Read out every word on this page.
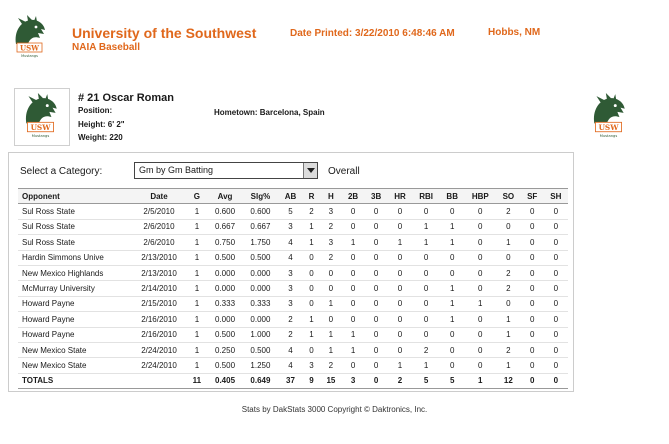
USW
Mustangs
University of the Southwest
NAIA Baseball
Date Printed: 3/22/2010 6:48:46 AM	Hobbs, NM
USW
Mustangs
# 21 Oscar Roman
Position:
Height: 6' 2"
Weight: 220
Hometown: Barcelona, Spain
USW
Mustangs
Select a Category:	Gm by Gm Batting	Overall
Opponent	Date	G	Avg	Slg%	AB	R	H	2B	3B	HR	RBI	BB	HBP	SO	SF	SH
Sul Ross State	2/5/2010	1	0.600	0.600	5	2	3	0	0	0	0	0	0	2	0	0
Sul Ross State	2/6/2010	1	0.667	0.667	3	1	2	0	0	0	1	1	0	0	0	0
Sul Ross State	2/6/2010	1	0.750	1.750	4	1	3	1	0	1	1	1	0	1	0	0
Hardin Simmons Unive	2/13/2010	1	0.500	0.500	4	0	2	0	0	0	0	0	0	0	0	0
New Mexico Highlands	2/13/2010	1	0.000	0.000	3	0	0	0	0	0	0	0	0	2	0	0
McMurray University	2/14/2010	1	0.000	0.000	3	0	0	0	0	0	0	1	0	2	0	0
Howard Payne	2/15/2010	1	0.333	0.333	3	0	1	0	0	0	0	1	1	0	0	0
Howard Payne	2/16/2010	1	0.000	0.000	2	1	0	0	0	0	0	1	0	1	0	0
Howard Payne	2/16/2010	1	0.500	1.000	2	1	1	1	0	0	0	0	0	1	0	0
New Mexico State	2/24/2010	1	0.250	0.500	4	0	1	1	0	0	2	0	0	2	0	0
New Mexico State	2/24/2010	1	0.500	1.250	4	3	2	0	0	1	1	0	0	1	0	0
TOTALS		11	0.405	0.649	37	9	15	3	0	2	5	5	1	12	0	0
Stats by DakStats 3000 Copyright © Daktronics, Inc.
